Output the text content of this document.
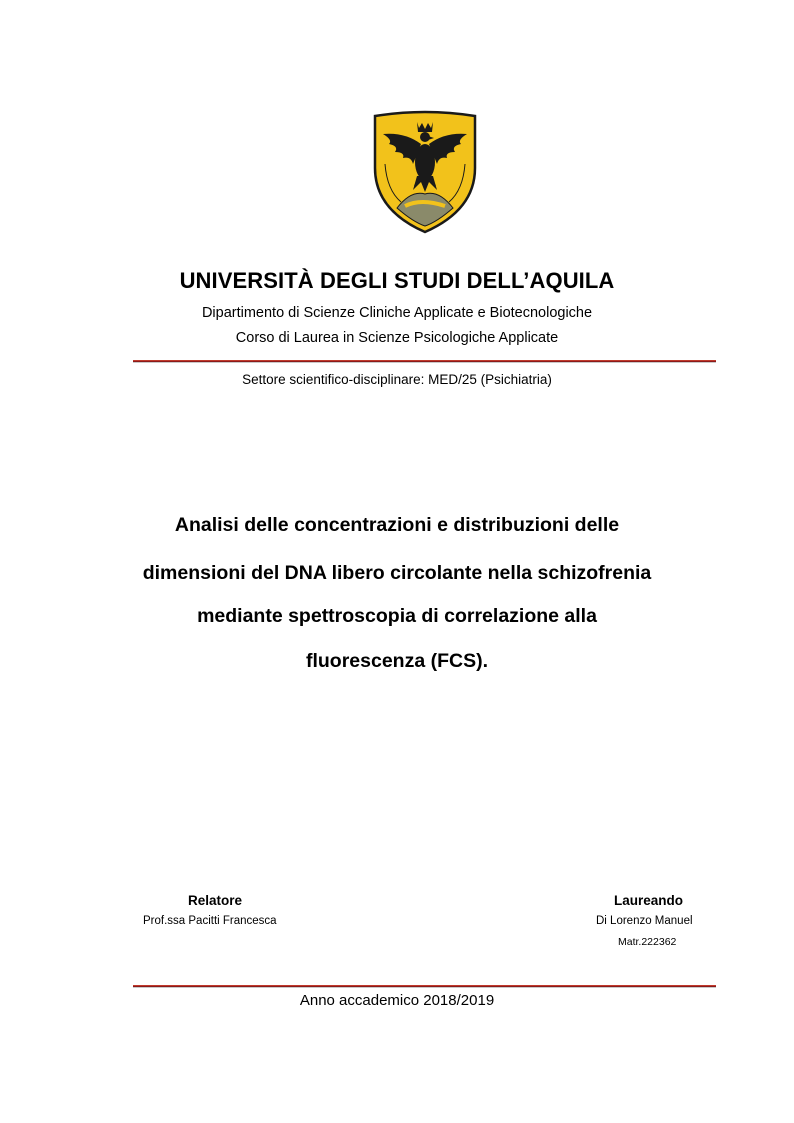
UNIVERSITÀ DEGLI STUDI DELL’AQUILA
Dipartimento di Scienze Cliniche Applicate e Biotecnologiche
Corso di Laurea in Scienze Psicologiche Applicate
Settore scientifico-disciplinare: MED/25 (Psichiatria)
Analisi delle concentrazioni e distribuzioni delle
dimensioni del DNA libero circolante nella schizofrenia
mediante spettroscopia di correlazione alla
fluorescenza (FCS).
Relatore
Prof.ssa Pacitti Francesca
Laureando
Di Lorenzo Manuel
Matr.222362
Anno accademico 2018/2019
